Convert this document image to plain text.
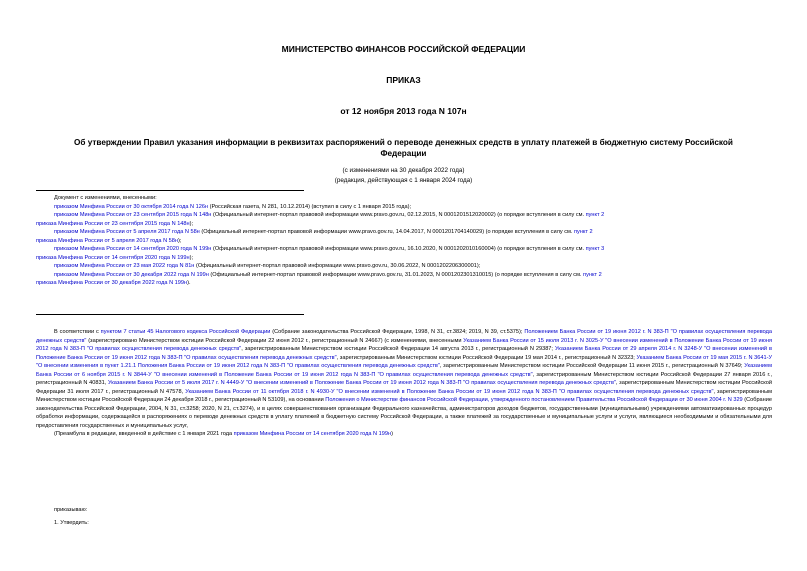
МИНИСТЕРСТВО ФИНАНСОВ РОССИЙСКОЙ ФЕДЕРАЦИИ
ПРИКАЗ
от 12 ноября 2013 года N 107н
Об утверждении Правил указания информации в реквизитах распоряжений о переводе денежных средств в уплату платежей в бюджетную систему Российской
Федерации
(с изменениями на 30 декабря 2022 года)
(редакция, действующая с 1 января 2024 года)

Документ с изменениями, внесенными:

приказом Минфина России от 30 октября 2014 года N 126н (Российская газета, N 281, 10.12.2014) (вступил в силу с 1 января 2015 года);

приказом Минфина России от 23 сентября 2015 года N 148н (Официальный интернет-портал правовой информации www.pravo.gov.ru, 02.12.2015, N 0001201512020002) (о порядке вступления в силу см. пункт 2

приказа Минфина России от 23 сентября 2015 года N 148н);

приказом Минфина России от 5 апреля 2017 года N 58н (Официальный интернет-портал правовой информации www.pravo.gov.ru, 14.04.2017, N 0001201704140029) (о порядке вступления в силу см. пункт 2

приказа Минфина России от 5 апреля 2017 года N 58н);

приказом Минфина России от 14 сентября 2020 года N 199н (Официальный интернет-портал правовой информации www.pravo.gov.ru, 16.10.2020, N 0001202010160004) (о порядке вступления в силу см. пункт 3

приказа Минфина России от 14 сентября 2020 года N 199н);

приказом Минфина России от 23 мая 2022 года N 81н (Официальный интернет-портал правовой информации www.pravo.gov.ru, 30.06.2022, N 0001202206300001);

приказом Минфина России от 30 декабря 2022 года N 199н (Официальный интернет-портал правовой информации www.pravo.gov.ru, 31.01.2023, N 0001202301310015) (о порядке вступления в силу см. пункт 2

приказа Минфина России от 30 декабря 2022 года N 199н).

В соответствии с пунктом 7 статьи 45 Налогового кодекса Российской Федерации (Собрание законодательства Российской Федерации, 1998, N 31, ст.3824; 2019, N 39, ст.5375); Положением Банка России от 19 июня 2012 г. N 383-П "О правилах осуществления перевода денежных средств" (зарегистрировано Министерством юстиции Российской Федерации 22 июня 2012 г., регистрационный N 24667) (с изменениями, внесенными Указанием Банка России от 15 июля 2013 г. N 3025-У "О внесении изменений в Положение Банка России от 19 июня 2012 года N 383-П "О правилах осуществления перевода денежных средств", зарегистрированным Министерством юстиции Российской Федерации 14 августа 2013 г., регистрационный N 29387; Указанием Банка России от 29 апреля 2014 г. N 3248-У "О внесении изменений в Положение Банка России от 19 июня 2012 года N 383-П "О правилах осуществления перевода денежных средств", зарегистрированным Министерством юстиции Российской Федерации 19 мая 2014 г., регистрационный N 32323; Указанием Банка России от 19 мая 2015 г. N 3641-У "О внесении изменения в пункт 1.21.1 Положения Банка России от 19 июня 2012 года N 383-П "О правилах осуществления перевода денежных средств", зарегистрированным Министерством юстиции Российской Федерации 11 июня 2015 г., регистрационный N 37649; Указанием Банка России от 6 ноября 2015 г. N 3844-У "О внесении изменений в Положение Банка России от 19 июня 2012 года N 383-П "О правилах осуществления перевода денежных средств", зарегистрированным Министерством юстиции Российской Федерации 27 января 2016 г., регистрационный N 40831, Указанием Банка России от 5 июля 2017 г. N 4449-У "О внесении изменений в Положение Банка России от 19 июня 2012 года N 383-П "О правилах осуществления перевода денежных средств", зарегистрированным Министерством юстиции Российской Федерации 31 июля 2017 г., регистрационный N 47578, Указанием Банка России от 11 октября 2018 г. N 4930-У "О внесении изменений в Положение Банка России от 19 июня 2012 года N 383-П "О правилах осуществления перевода денежных средств", зарегистрированным Министерством юстиции Российской Федерации 24 декабря 2018 г., регистрационный N 53109), на основании Положения о Министерстве финансов Российской Федерации, утвержденного постановлением Правительства Российской Федерации от 30 июня 2004 г. N 329 (Собрание законодательства Российской Федерации, 2004, N 31, ст.3258; 2020, N 21, ст.3274), и в целях совершенствования организации Федерального казначейства, администраторов доходов бюджетов, государственными (муниципальными) учреждениями автоматизированных процедур обработки информации, содержащейся в распоряжениях о переводе денежных средств в уплату платежей в бюджетную систему Российской Федерации, а также платежей за государственные и муниципальные услуги и услуги, являющиеся необходимыми и обязательными для предоставления государственных и муниципальных услуг,

(Преамбула в редакции, введенной в действие с 1 января 2021 года приказом Минфина России от 14 сентября 2020 года N 199н)

приказываю:

1. Утвердить:
